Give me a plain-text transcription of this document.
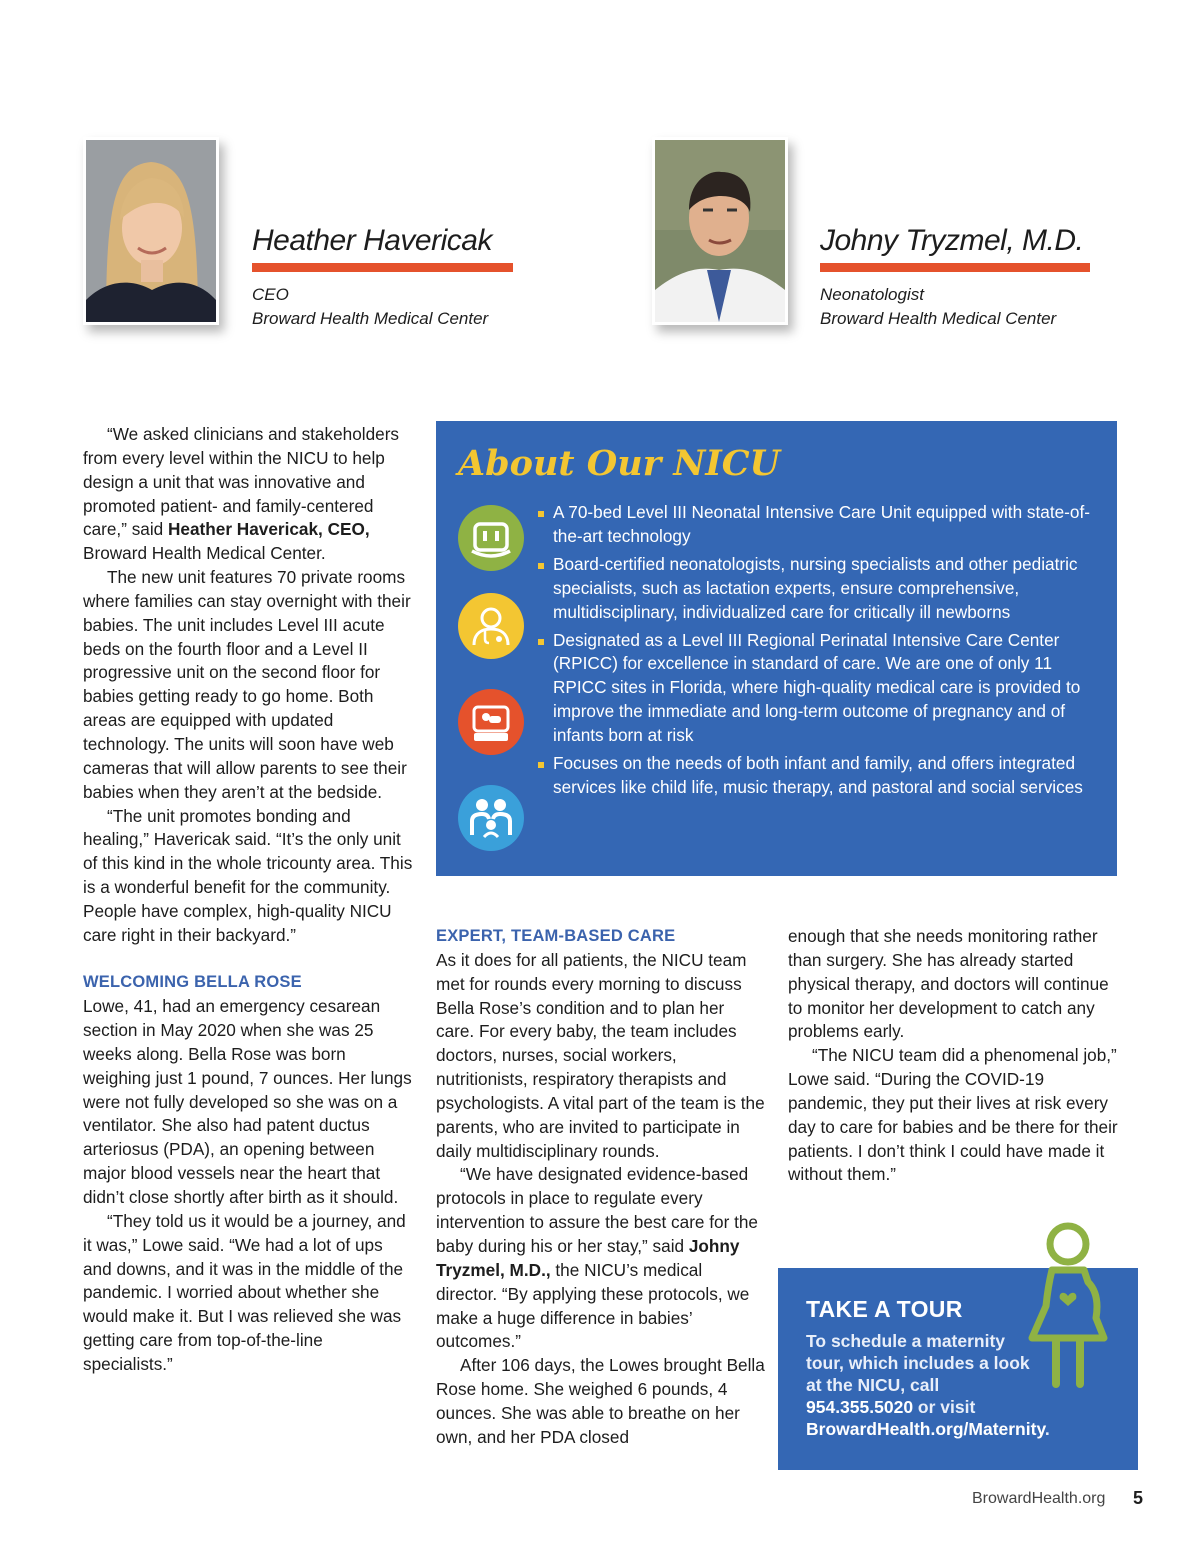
Heather Havericak
CEO
Broward Health Medical Center
Johny Tryzmel, M.D.
Neonatologist
Broward Health Medical Center

“We asked clinicians and stakeholders from every level within the NICU to help design a unit that was innovative and promoted patient- and family-centered care,” said Heather Havericak, CEO, Broward Health Medical Center.

The new unit features 70 private rooms where families can stay overnight with their babies. The unit includes Level III acute beds on the fourth floor and a Level II progressive unit on the second floor for babies getting ready to go home. Both areas are equipped with updated technology. The units will soon have web cameras that will allow parents to see their babies when they aren’t at the bedside.

“The unit promotes bonding and healing,” Havericak said. “It’s the only unit of this kind in the whole tricounty area. This is a wonderful benefit for the community. People have complex, high-quality NICU care right in their backyard.”

WELCOMING BELLA ROSE

Lowe, 41, had an emergency cesarean section in May 2020 when she was 25 weeks along. Bella Rose was born weighing just 1 pound, 7 ounces. Her lungs were not fully developed so she was on a ventilator. She also had patent ductus arteriosus (PDA), an opening between major blood vessels near the heart that didn’t close shortly after birth as it should.

“They told us it would be a journey, and it was,” Lowe said. “We had a lot of ups and downs, and it was in the middle of the pandemic. I worried about whether she would make it. But I was relieved she was getting care from top-of-the-line specialists.”

About Our NICU
A 70-bed Level III Neonatal Intensive Care Unit equipped with state-of-the-art technology
Board-certified neonatologists, nursing specialists and other pediatric specialists, such as lactation experts, ensure comprehensive, multidisciplinary, individualized care for critically ill newborns
Designated as a Level III Regional Perinatal Intensive Care Center (RPICC) for excellence in standard of care. We are one of only 11 RPICC sites in Florida, where high-quality medical care is provided to improve the immediate and long-term outcome of pregnancy and of infants born at risk
Focuses on the needs of both infant and family, and offers integrated services like child life, music therapy, and pastoral and social services
EXPERT, TEAM-BASED CARE

As it does for all patients, the NICU team met for rounds every morning to discuss Bella Rose’s condition and to plan her care. For every baby, the team includes doctors, nurses, social workers, nutritionists, respiratory therapists and psychologists. A vital part of the team is the parents, who are invited to participate in daily multidisciplinary rounds.

“We have designated evidence-based protocols in place to regulate every intervention to assure the best care for the baby during his or her stay,” said Johny Tryzmel, M.D., the NICU’s medical director. “By applying these protocols, we make a huge difference in babies’ outcomes.”

After 106 days, the Lowes brought Bella Rose home. She weighed 6 pounds, 4 ounces. She was able to breathe on her own, and her PDA closed

enough that she needs monitoring rather than surgery. She has already started physical therapy, and doctors will continue to monitor her development to catch any problems early.

“The NICU team did a phenomenal job,” Lowe said. “During the COVID-19 pandemic, they put their lives at risk every day to care for babies and be there for their patients. I don’t think I could have made it without them.”

TAKE A TOUR
To schedule a maternity tour, which includes a look at the NICU, call 954.355.5020 or visit BrowardHealth.org/Maternity.
BrowardHealth.org 5
